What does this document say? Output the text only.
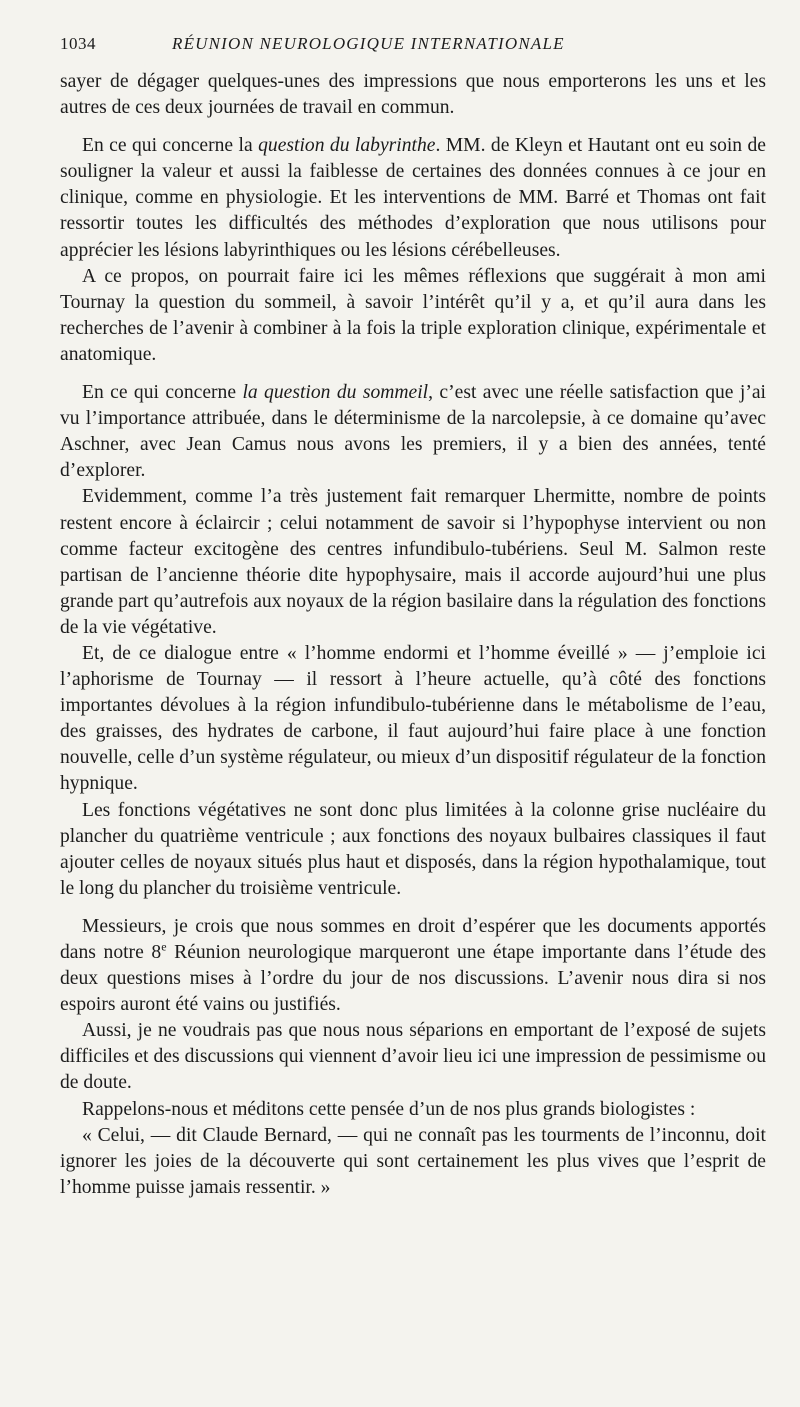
1034	RÉUNION NEUROLOGIQUE INTERNATIONALE

sayer de dégager quelques-unes des impressions que nous emporterons les uns et les autres de ces deux journées de travail en commun.

En ce qui concerne la question du labyrinthe. MM. de Kleyn et Hautant ont eu soin de souligner la valeur et aussi la faiblesse de certaines des données connues à ce jour en clinique, comme en physiologie. Et les interventions de MM. Barré et Thomas ont fait ressortir toutes les difficultés des méthodes d’exploration que nous utilisons pour apprécier les lésions labyrinthiques ou les lésions cérébelleuses.

A ce propos, on pourrait faire ici les mêmes réflexions que suggérait à mon ami Tournay la question du sommeil, à savoir l’intérêt qu’il y a, et qu’il aura dans les recherches de l’avenir à combiner à la fois la triple exploration clinique, expérimentale et anatomique.

En ce qui concerne la question du sommeil, c’est avec une réelle satisfaction que j’ai vu l’importance attribuée, dans le déterminisme de la narcolepsie, à ce domaine qu’avec Aschner, avec Jean Camus nous avons les premiers, il y a bien des années, tenté d’explorer.

Evidemment, comme l’a très justement fait remarquer Lhermitte, nombre de points restent encore à éclaircir ; celui notamment de savoir si l’hypophyse intervient ou non comme facteur excitogène des centres infundibulo-tubériens. Seul M. Salmon reste partisan de l’ancienne théorie dite hypophysaire, mais il accorde aujourd’hui une plus grande part qu’autrefois aux noyaux de la région basilaire dans la régulation des fonctions de la vie végétative.

Et, de ce dialogue entre « l’homme endormi et l’homme éveillé » — j’emploie ici l’aphorisme de Tournay — il ressort à l’heure actuelle, qu’à côté des fonctions importantes dévolues à la région infundibulo-tubérienne dans le métabolisme de l’eau, des graisses, des hydrates de carbone, il faut aujourd’hui faire place à une fonction nouvelle, celle d’un système régulateur, ou mieux d’un dispositif régulateur de la fonction hypnique.

Les fonctions végétatives ne sont donc plus limitées à la colonne grise nucléaire du plancher du quatrième ventricule ; aux fonctions des noyaux bulbaires classiques il faut ajouter celles de noyaux situés plus haut et disposés, dans la région hypothalamique, tout le long du plancher du troisième ventricule.

Messieurs, je crois que nous sommes en droit d’espérer que les documents apportés dans notre 8e Réunion neurologique marqueront une étape importante dans l’étude des deux questions mises à l’ordre du jour de nos discussions. L’avenir nous dira si nos espoirs auront été vains ou justifiés.

Aussi, je ne voudrais pas que nous nous séparions en emportant de l’exposé de sujets difficiles et des discussions qui viennent d’avoir lieu ici une impression de pessimisme ou de doute.

Rappelons-nous et méditons cette pensée d’un de nos plus grands biologistes :

« Celui, — dit Claude Bernard, — qui ne connaît pas les tourments de l’inconnu, doit ignorer les joies de la découverte qui sont certainement les plus vives que l’esprit de l’homme puisse jamais ressentir. »
